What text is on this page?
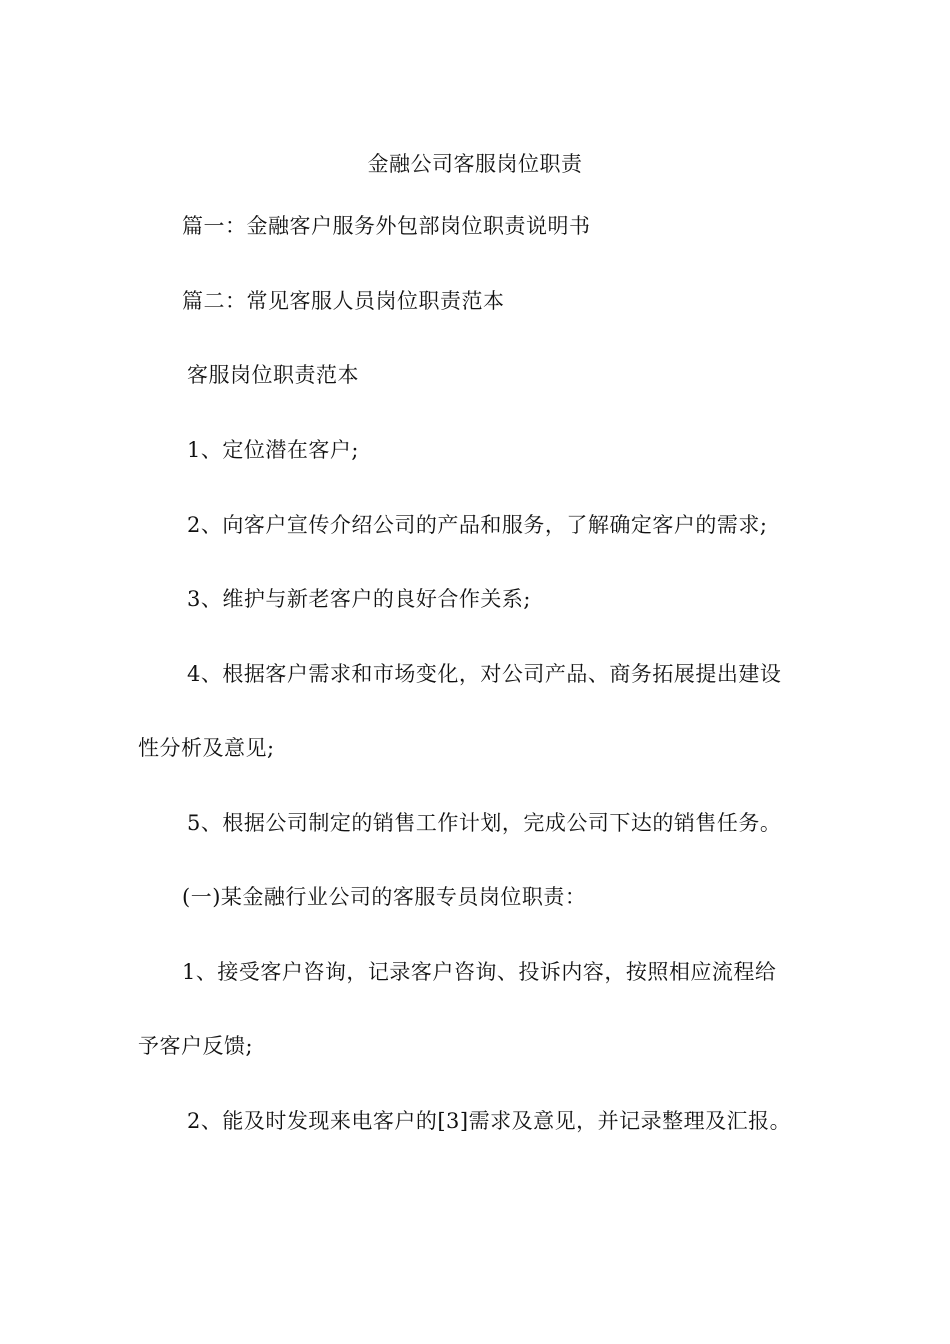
金融公司客服岗位职责
篇一：金融客户服务外包部岗位职责说明书
篇二：常见客服人员岗位职责范本
客服岗位职责范本
1、定位潜在客户;
2、向客户宣传介绍公司的产品和服务，了解确定客户的需求;
3、维护与新老客户的良好合作关系;
4、根据客户需求和市场变化，对公司产品、商务拓展提出建设
性分析及意见;
5、根据公司制定的销售工作计划，完成公司下达的销售任务。
(一)某金融行业公司的客服专员岗位职责：
1、接受客户咨询，记录客户咨询、投诉内容，按照相应流程给
予客户反馈;
2、能及时发现来电客户的[3]需求及意见，并记录整理及汇报。
